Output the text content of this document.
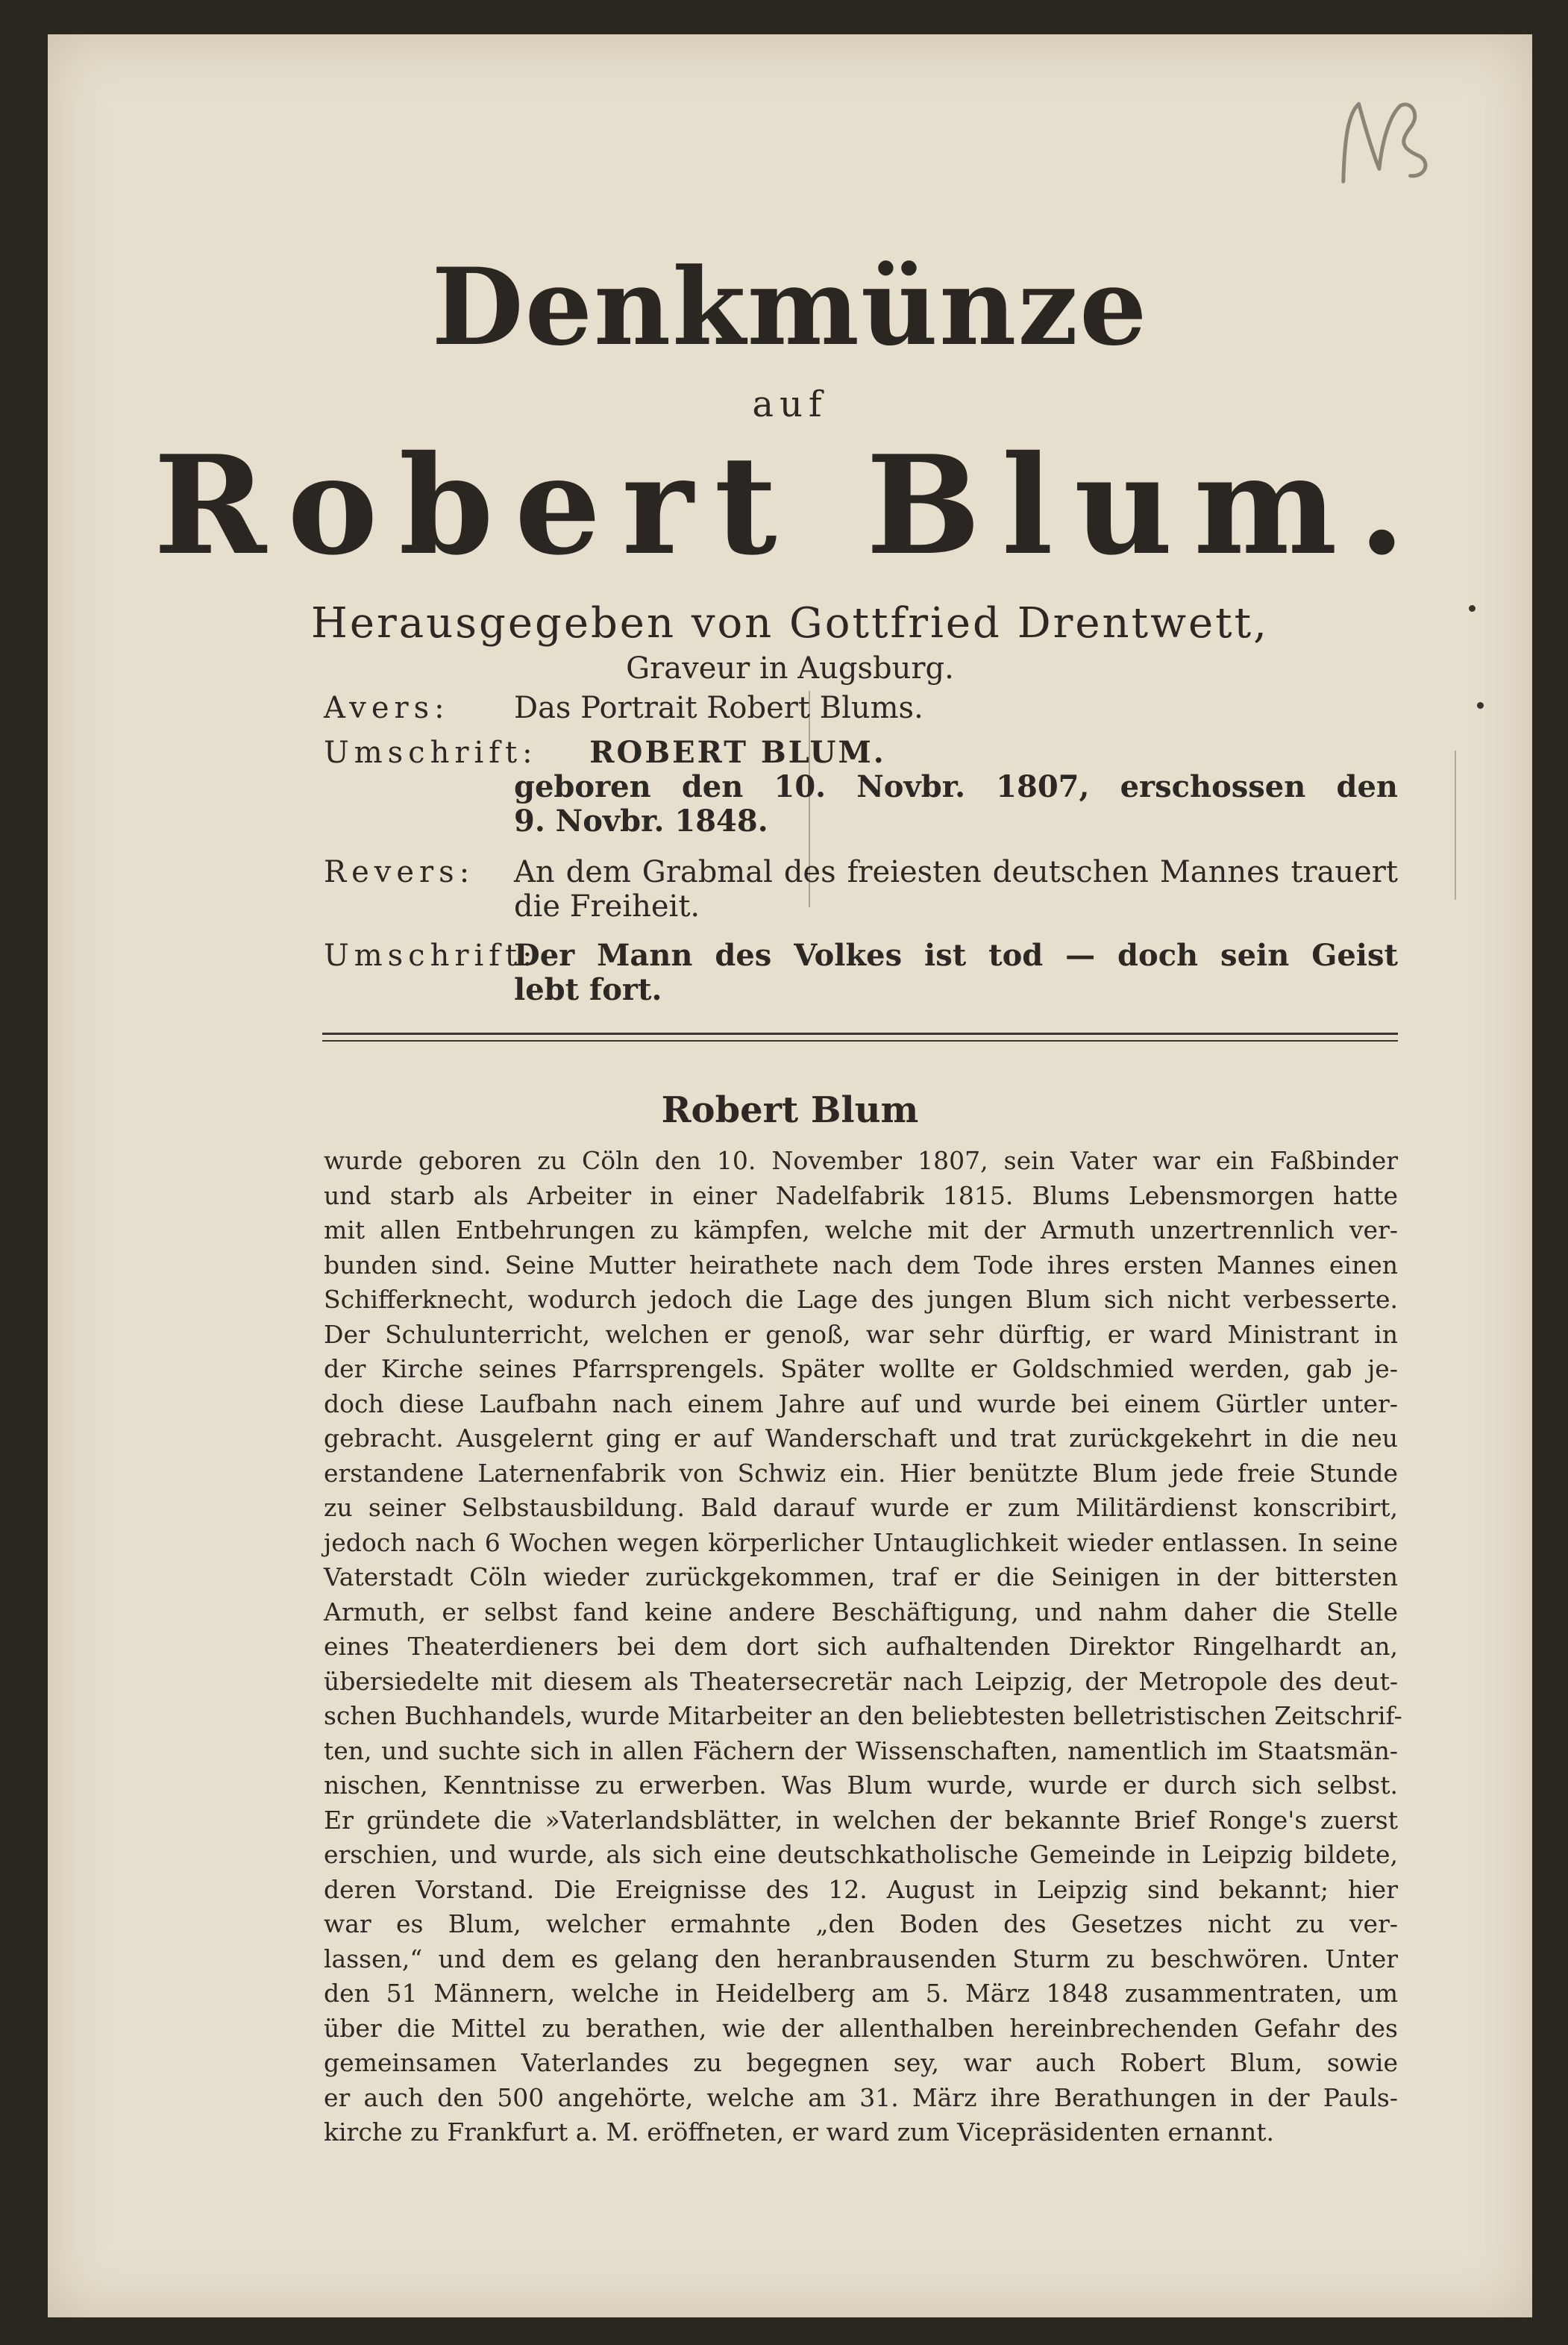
Denkmünze
auf
Robert Blum.
Herausgegeben von Gottfried Drentwett,
Graveur in Augsburg.
Avers: Das Portrait Robert Blums.
Umschrift:	ROBERT BLUM.
geboren den 10. Novbr. 1807, erschossen den
9. Novbr. 1848.
Revers: An dem Grabmal des freiesten deutschen Mannes trauert
die Freiheit.
Umschrift:
Der Mann des Volkes ist tod — doch sein Geist
lebt fort.
Robert Blum
wurde geboren zu Cöln den 10. November 1807, sein Vater war ein Faßbinder
und starb als Arbeiter in einer Nadelfabrik 1815. Blums Lebensmorgen hatte
mit allen Entbehrungen zu kämpfen, welche mit der Armuth unzertrennlich ver-
bunden sind. Seine Mutter heirathete nach dem Tode ihres ersten Mannes einen
Schifferknecht, wodurch jedoch die Lage des jungen Blum sich nicht verbesserte.
Der Schulunterricht, welchen er genoß, war sehr dürftig, er ward Ministrant in
der Kirche seines Pfarrsprengels. Später wollte er Goldschmied werden, gab je-
doch diese Laufbahn nach einem Jahre auf und wurde bei einem Gürtler unter-
gebracht. Ausgelernt ging er auf Wanderschaft und trat zurückgekehrt in die neu
erstandene Laternenfabrik von Schwiz ein. Hier benützte Blum jede freie Stunde
zu seiner Selbstausbildung. Bald darauf wurde er zum Militärdienst konscribirt,
jedoch nach 6 Wochen wegen körperlicher Untauglichkeit wieder entlassen. In seine
Vaterstadt Cöln wieder zurückgekommen, traf er die Seinigen in der bittersten
Armuth, er selbst fand keine andere Beschäftigung, und nahm daher die Stelle
eines Theaterdieners bei dem dort sich aufhaltenden Direktor Ringelhardt an,
übersiedelte mit diesem als Theatersecretär nach Leipzig, der Metropole des deut-
schen Buchhandels, wurde Mitarbeiter an den beliebtesten belletristischen Zeitschrif-
ten, und suchte sich in allen Fächern der Wissenschaften, namentlich im Staatsmän-
nischen, Kenntnisse zu erwerben. Was Blum wurde, wurde er durch sich selbst.
Er gründete die »Vaterlandsblätter, in welchen der bekannte Brief Ronge's zuerst
erschien, und wurde, als sich eine deutschkatholische Gemeinde in Leipzig bildete,
deren Vorstand. Die Ereignisse des 12. August in Leipzig sind bekannt; hier
war es Blum, welcher ermahnte „den Boden des Gesetzes nicht zu ver-
lassen,“ und dem es gelang den heranbrausenden Sturm zu beschwören. Unter
den 51 Männern, welche in Heidelberg am 5. März 1848 zusammentraten, um
über die Mittel zu berathen, wie der allenthalben hereinbrechenden Gefahr des
gemeinsamen Vaterlandes zu begegnen sey, war auch Robert Blum, sowie
er auch den 500 angehörte, welche am 31. März ihre Berathungen in der Pauls-
kirche zu Frankfurt a. M. eröffneten, er ward zum Vicepräsidenten ernannt.
